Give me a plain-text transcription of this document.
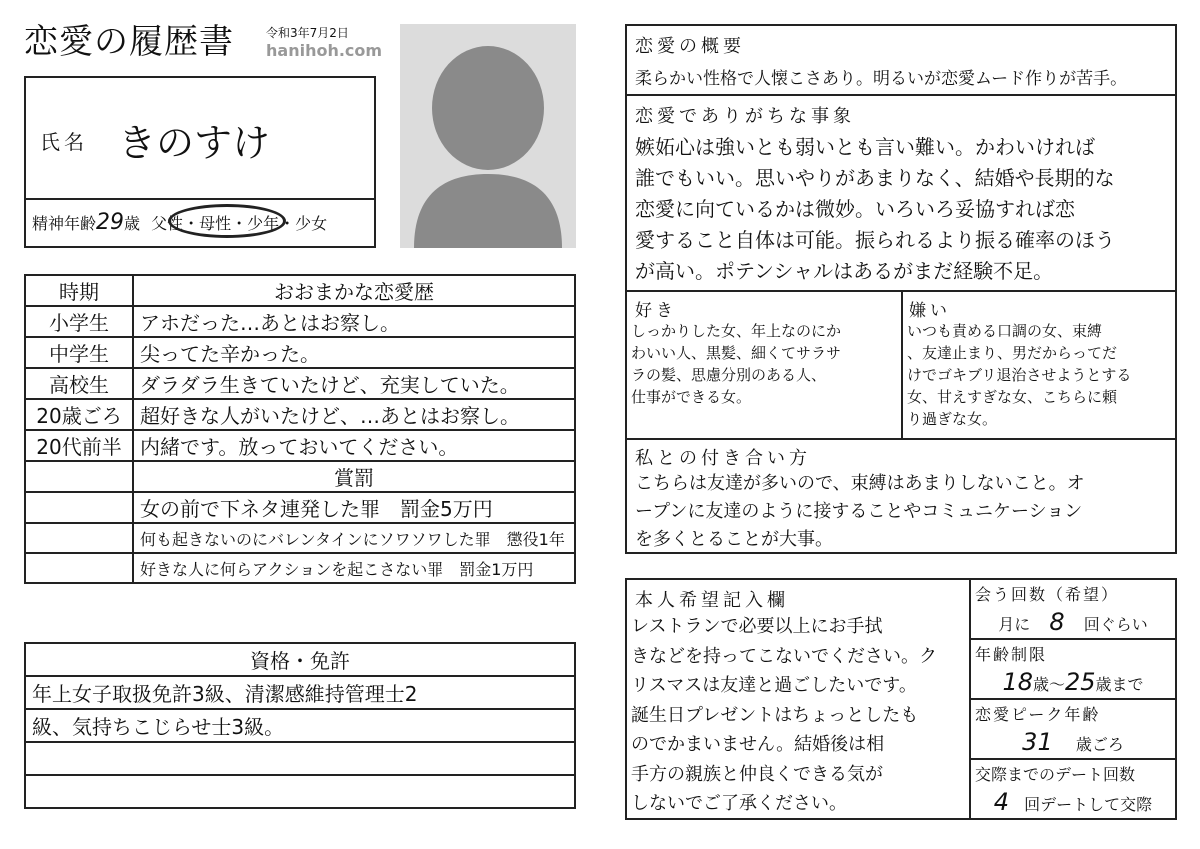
恋愛の履歴書	令和3年7月2日
hanihoh.com
氏名 きのすけ
精神年齢29歳 父性・母性・少年・少女
時期	おおまかな恋愛歴
小学生	アホだった…あとはお察し。
中学生	尖ってた辛かった。
高校生	ダラダラ生きていたけど、充実していた。
20歳ごろ	超好きな人がいたけど、…あとはお察し。
20代前半	内緒です。放っておいてください。
	賞罰
	女の前で下ネタ連発した罪　罰金5万円
	何も起きないのにバレンタインにソワソワした罪　懲役1年
	好きな人に何らアクションを起こさない罪　罰金1万円
資格・免許
年上女子取扱免許3級、清潔感維持管理士2
級、気持ちこじらせ士3級。

恋愛の概要
柔らかい性格で人懐こさあり。明るいが恋愛ムード作りが苦手。
恋愛でありがちな事象
嫉妬心は強いとも弱いとも言い難い。かわいければ
誰でもいい。思いやりがあまりなく、結婚や長期的な
恋愛に向ているかは微妙。いろいろ妥協すれば恋
愛すること自体は可能。振られるより振る確率のほう
が高い。ポテンシャルはあるがまだ経験不足。
好き
しっかりした女、年上なのにか
わいい人、黒髪、細くてサラサ
ラの髪、思慮分別のある人、
仕事ができる女。
嫌い
いつも責める口調の女、束縛
、友達止まり、男だからってだ
けでゴキブリ退治させようとする
女、甘えすぎな女、こちらに頼
り過ぎな女。
私との付き合い方
こちらは友達が多いので、束縛はあまりしないこと。オ
ープンに友達のように接することやコミュニケーション
を多くとることが大事。
本人希望記入欄
レストランで必要以上にお手拭
きなどを持ってこないでください。ク
リスマスは友達と過ごしたいです。
誕生日プレゼントはちょっとしたも
のでかまいません。結婚後は相
手方の親族と仲良くできる気が
しないでご了承ください。
会う回数（希望）
月に 8 回ぐらい
年齢制限
18歳〜25歳まで
恋愛ピーク年齢
31 歳ごろ
交際までのデート回数
4 回デートして交際
